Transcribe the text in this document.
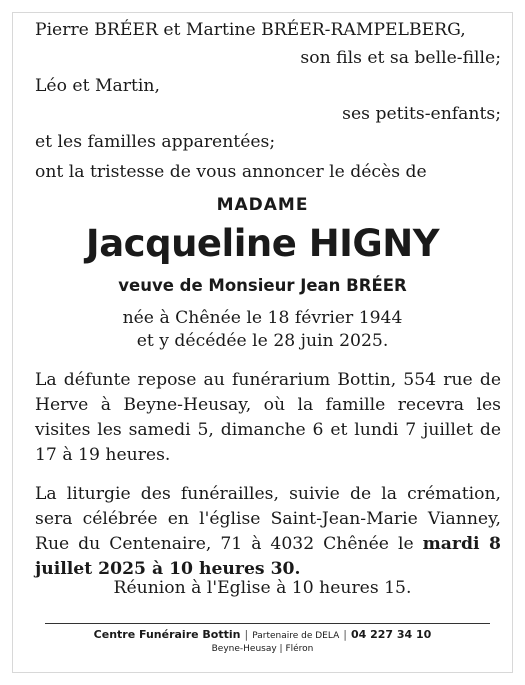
Pierre BRÉER et Martine BRÉER-RAMPELBERG,
son fils et sa belle-fille;
Léo et Martin,
ses petits-enfants;
et les familles apparentées;
ont la tristesse de vous annoncer le décès de
MADAME
Jacqueline HIGNY
veuve de Monsieur Jean BRÉER
née à Chênée le 18 février 1944
et y décédée le 28 juin 2025.
La défunte repose au funérarium Bottin, 554 rue de Herve à Beyne-Heusay, où la famille recevra les visites les samedi 5, dimanche 6 et lundi 7 juillet de 17 à 19 heures.
La liturgie des funérailles, suivie de la crémation, sera célébrée en l'église Saint-Jean-Marie Vianney, Rue du Centenaire, 71 à 4032 Chênée le mardi 8 juillet 2025 à 10 heures 30.
Réunion à l'Eglise à 10 heures 15.
Centre Funéraire Bottin | Partenaire de DELA | 04 227 34 10
Beyne-Heusay | Fléron
